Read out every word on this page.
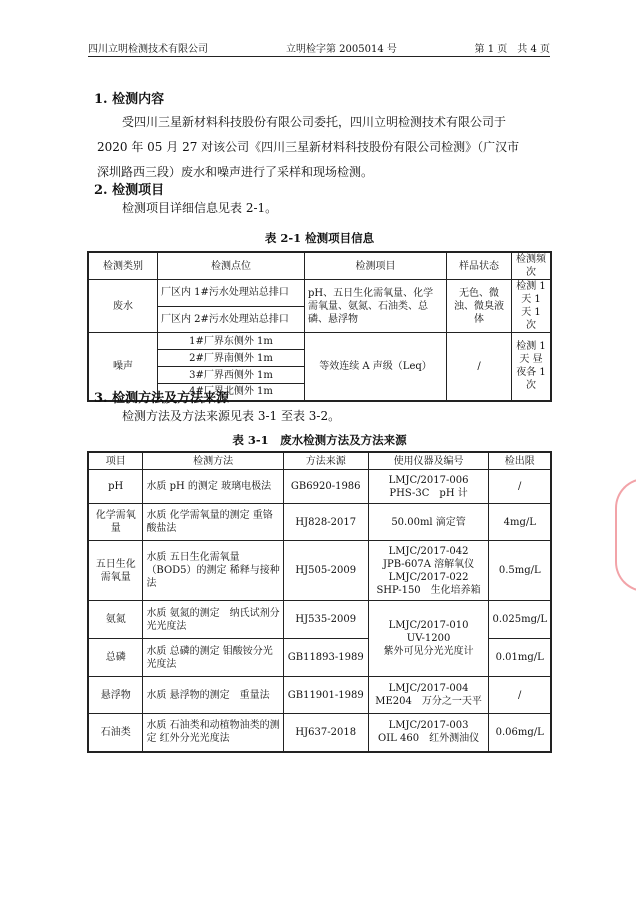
四川立明检测技术有限公司	立明检字第 2005014 号	第 1 页　共 4 页
1. 检测内容
受四川三星新材料科技股份有限公司委托，四川立明检测技术有限公司于
2020 年 05 月 27 对该公司《四川三星新材料科技股份有限公司检测》（广汉市
深圳路西三段）废水和噪声进行了采样和现场检测。
2. 检测项目
检测项目详细信息见表 2-1。
表 2-1 检测项目信息
检测类别	检测点位	检测项目	样品状态	检测频次
废水	厂区内 1#污水处理站总排口	pH、五日生化需氧量、化学需氧量、氨氮、石油类、总磷、悬浮物	无色、微浊、微臭液体	检测 1 天 1 天 1 次
	厂区内 2#污水处理站总排口			
噪声	1#厂界东侧外 1m	等效连续 A 声级（Leq）	/	检测 1 天 昼夜各 1 次
	2#厂界南侧外 1m			
	3#厂界西侧外 1m			
	4#厂界北侧外 1m			
3. 检测方法及方法来源
检测方法及方法来源见表 3-1 至表 3-2。
表 3-1　废水检测方法及方法来源
项目	检测方法	方法来源	使用仪器及编号	检出限
pH	水质 pH 的测定 玻璃电极法	GB6920-1986	LMJC/2017-006
PHS-3C　pH 计	/
化学需氧量	水质 化学需氧量的测定 重铬酸盐法	HJ828-2017	50.00ml 滴定管	4mg/L
五日生化需氧量	水质 五日生化需氧量（BOD5）的测定 稀释与接种法	HJ505-2009	LMJC/2017-042
JPB-607A 溶解氧仪
LMJC/2017-022
SHP-150　生化培养箱	0.5mg/L
氨氮	水质 氨氮的测定　纳氏试剂分光光度法	HJ535-2009	LMJC/2017-010
UV-1200
紫外可见分光光度计	0.025mg/L
总磷	水质 总磷的测定 钼酸铵分光光度法	GB11893-1989		0.01mg/L
悬浮物	水质 悬浮物的测定　重量法	GB11901-1989	LMJC/2017-004
ME204　万分之一天平	/
石油类	水质 石油类和动植物油类的测定 红外分光光度法	HJ637-2018	LMJC/2017-003
OIL 460　红外测油仪	0.06mg/L
